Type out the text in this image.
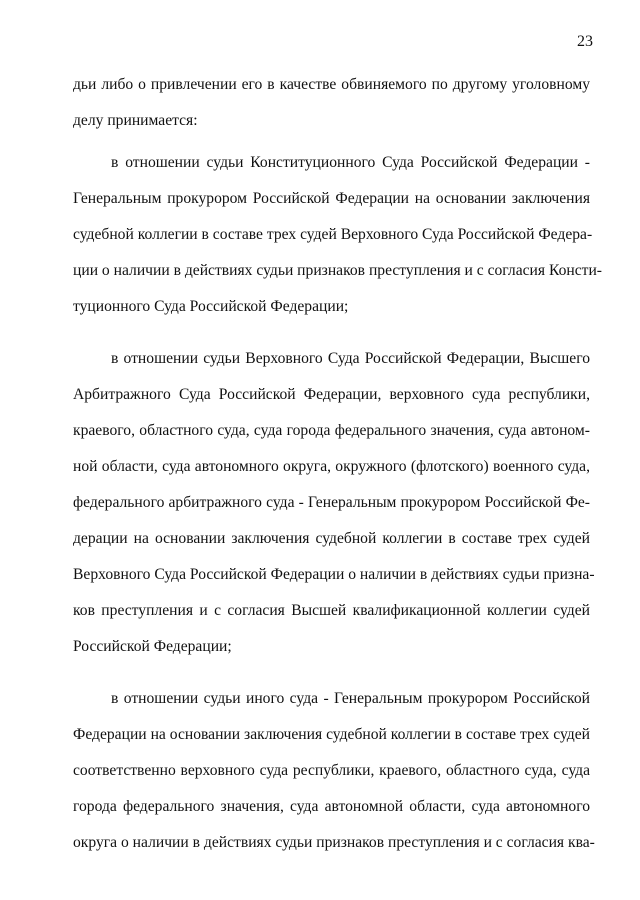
23
дьи либо о привлечении его в качестве обвиняемого по другому уголовному
делу принимается:
в отношении судьи Конституционного Суда Российской Федерации -
Генеральным прокурором Российской Федерации на основании заключения
судебной коллегии в составе трех судей Верховного Суда Российской Федера-
ции о наличии в действиях судьи признаков преступления и с согласия Консти-
туционного Суда Российской Федерации;
в отношении судьи Верховного Суда Российской Федерации, Высшего
Арбитражного Суда Российской Федерации, верховного суда республики,
краевого, областного суда, суда города федерального значения, суда автоном-
ной области, суда автономного округа, окружного (флотского) военного суда,
федерального арбитражного суда - Генеральным прокурором Российской Фе-
дерации на основании заключения судебной коллегии в составе трех судей
Верховного Суда Российской Федерации о наличии в действиях судьи призна-
ков преступления и с согласия Высшей квалификационной коллегии судей
Российской Федерации;
в отношении судьи иного суда - Генеральным прокурором Российской
Федерации на основании заключения судебной коллегии в составе трех судей
соответственно верховного суда республики, краевого, областного суда, суда
города федерального значения, суда автономной области, суда автономного
округа о наличии в действиях судьи признаков преступления и с согласия ква-
